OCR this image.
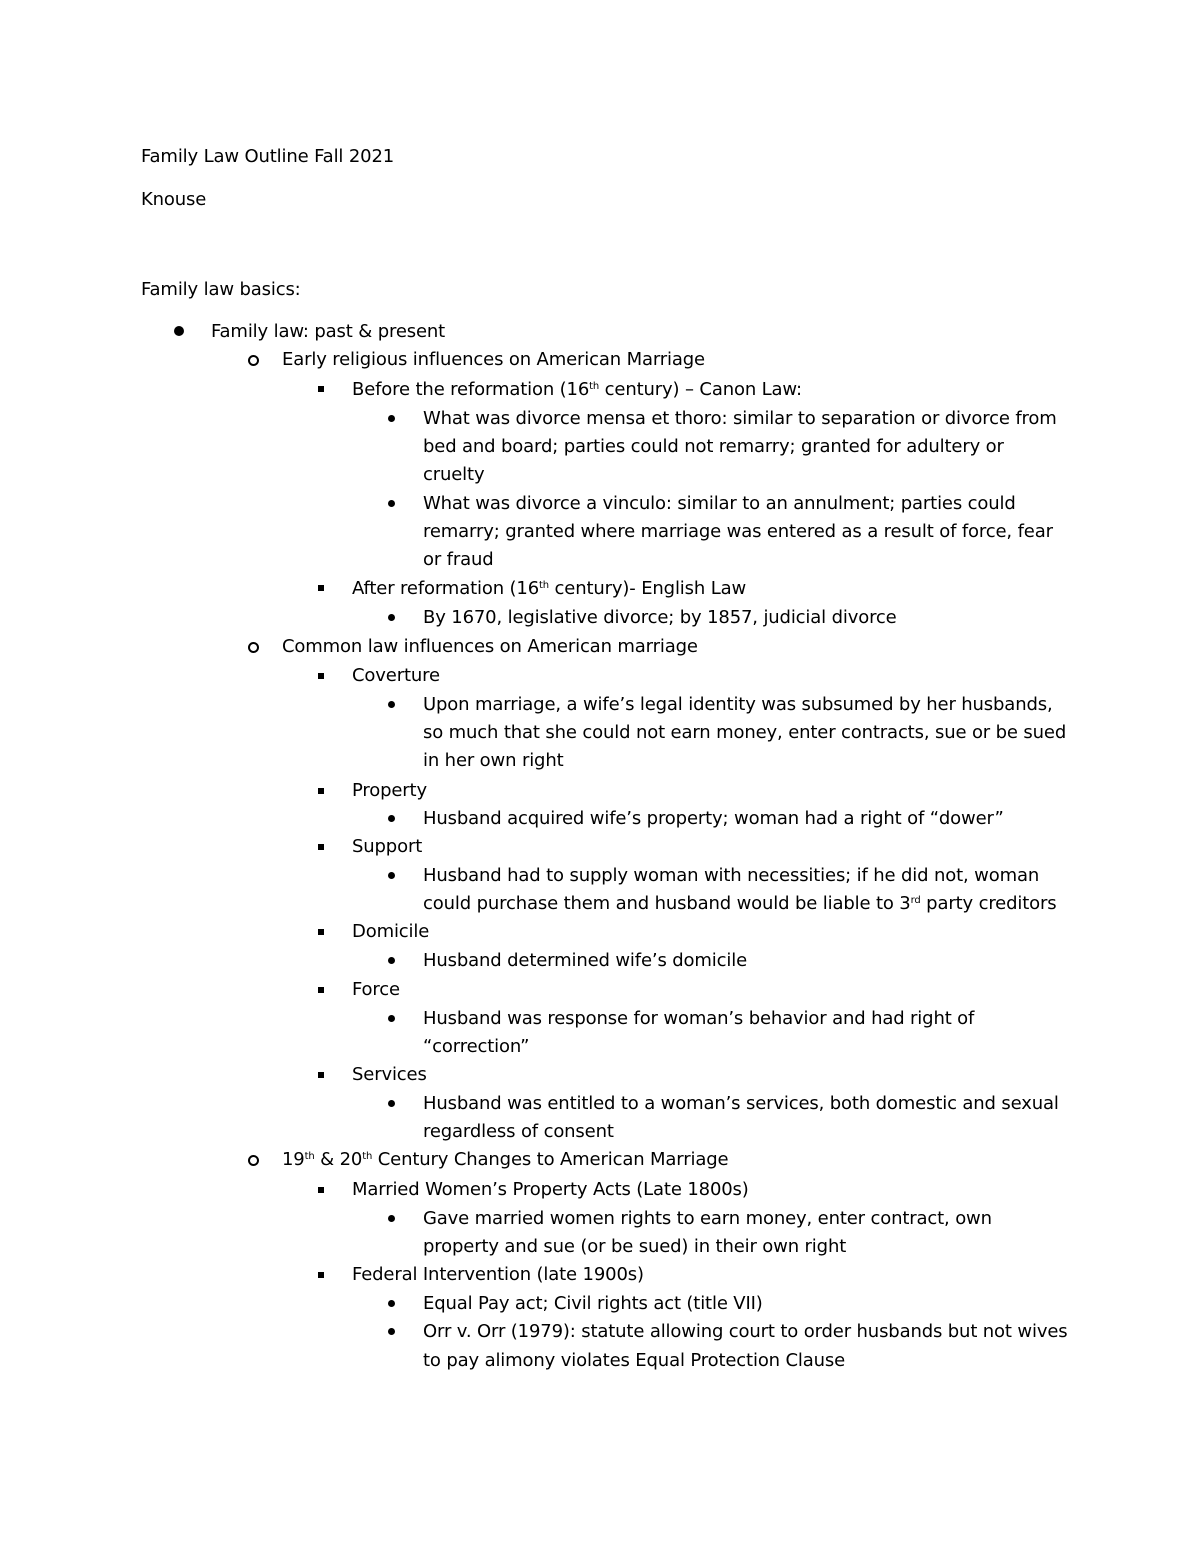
Family Law Outline Fall 2021
Knouse
Family law basics:
Family law: past & present
Early religious influences on American Marriage
Before the reformation (16th century) – Canon Law:
What was divorce mensa et thoro: similar to separation or divorce from
bed and board; parties could not remarry; granted for adultery or
cruelty
What was divorce a vinculo: similar to an annulment; parties could
remarry; granted where marriage was entered as a result of force, fear
or fraud
After reformation (16th century)- English Law
By 1670, legislative divorce; by 1857, judicial divorce
Common law influences on American marriage
Coverture
Upon marriage, a wife’s legal identity was subsumed by her husbands,
so much that she could not earn money, enter contracts, sue or be sued
in her own right
Property
Husband acquired wife’s property; woman had a right of “dower”
Support
Husband had to supply woman with necessities; if he did not, woman
could purchase them and husband would be liable to 3rd party creditors
Domicile
Husband determined wife’s domicile
Force
Husband was response for woman’s behavior and had right of
“correction”
Services
Husband was entitled to a woman’s services, both domestic and sexual
regardless of consent
19th & 20th Century Changes to American Marriage
Married Women’s Property Acts (Late 1800s)
Gave married women rights to earn money, enter contract, own
property and sue (or be sued) in their own right
Federal Intervention (late 1900s)
Equal Pay act; Civil rights act (title VII)
Orr v. Orr (1979): statute allowing court to order husbands but not wives
to pay alimony violates Equal Protection Clause
